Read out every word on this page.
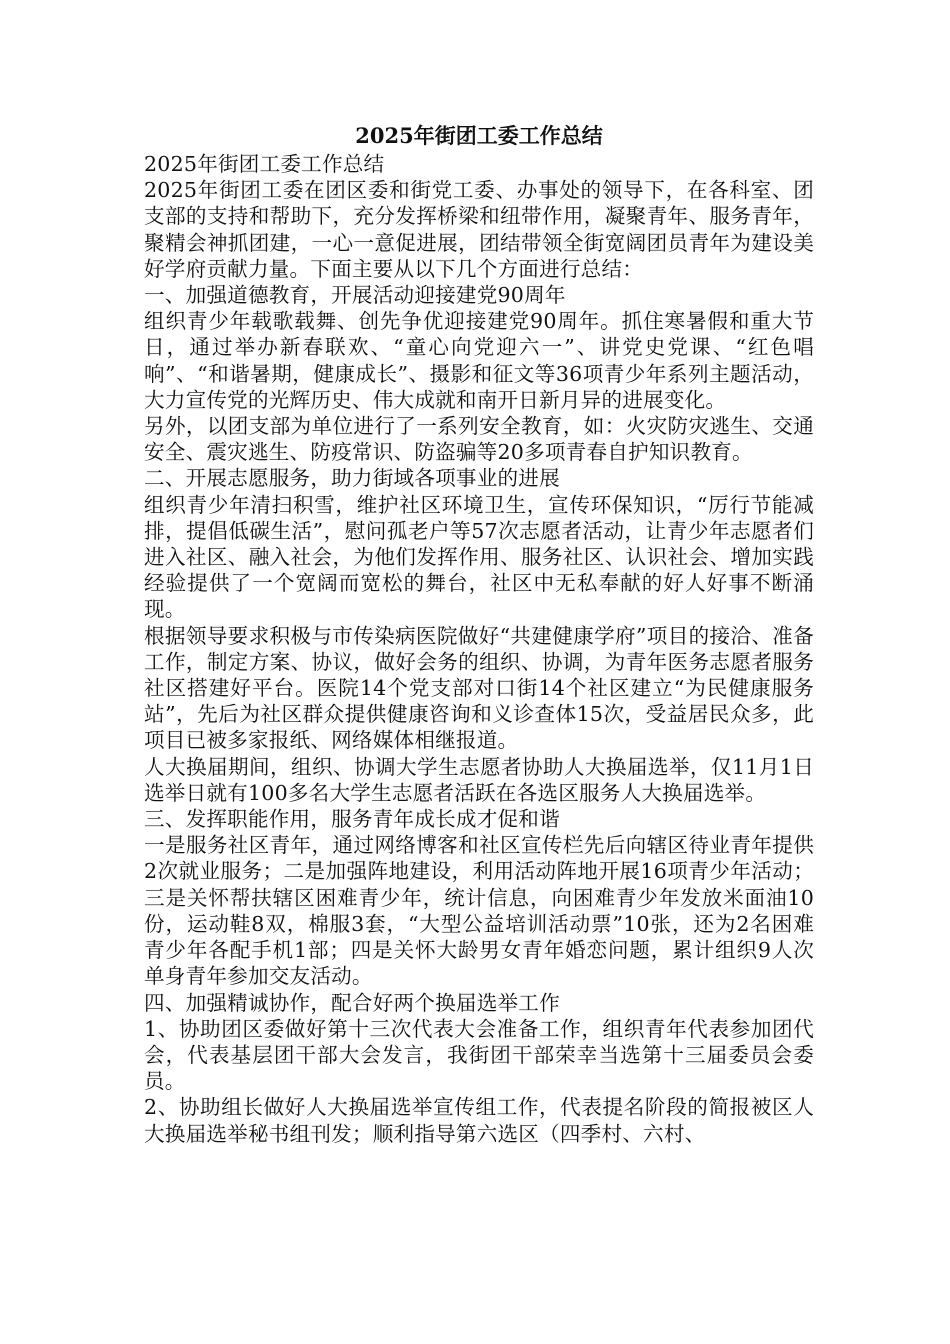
2025年街团工委工作总结

2025年街团工委工作总结

2025年街团工委在团区委和街党工委、办事处的领导下，在各科室、团支部的支持和帮助下，充分发挥桥梁和纽带作用，凝聚青年、服务青年，聚精会神抓团建，一心一意促进展，团结带领全街宽阔团员青年为建设美好学府贡献力量。下面主要从以下几个方面进行总结：

一、加强道德教育，开展活动迎接建党90周年

组织青少年载歌载舞、创先争优迎接建党90周年。抓住寒暑假和重大节日，通过举办新春联欢、“童心向党迎六一”、讲党史党课、“红色唱响”、“和谐暑期，健康成长”、摄影和征文等36项青少年系列主题活动，大力宣传党的光辉历史、伟大成就和南开日新月异的进展变化。

另外，以团支部为单位进行了一系列安全教育，如：火灾防灾逃生、交通安全、震灾逃生、防疫常识、防盗骗等20多项青春自护知识教育。

二、开展志愿服务，助力街域各项事业的进展

组织青少年清扫积雪，维护社区环境卫生，宣传环保知识，“厉行节能减排，提倡低碳生活”，慰问孤老户等57次志愿者活动，让青少年志愿者们进入社区、融入社会，为他们发挥作用、服务社区、认识社会、增加实践经验提供了一个宽阔而宽松的舞台，社区中无私奉献的好人好事不断涌现。

根据领导要求积极与市传染病医院做好“共建健康学府”项目的接洽、准备工作，制定方案、协议，做好会务的组织、协调，为青年医务志愿者服务社区搭建好平台。医院14个党支部对口街14个社区建立“为民健康服务站”，先后为社区群众提供健康咨询和义诊查体15次，受益居民众多，此项目已被多家报纸、网络媒体相继报道。

人大换届期间，组织、协调大学生志愿者协助人大换届选举，仅11月1日选举日就有100多名大学生志愿者活跃在各选区服务人大换届选举。

三、发挥职能作用，服务青年成长成才促和谐

一是服务社区青年，通过网络博客和社区宣传栏先后向辖区待业青年提供2次就业服务；二是加强阵地建设，利用活动阵地开展16项青少年活动；三是关怀帮扶辖区困难青少年，统计信息，向困难青少年发放米面油10份，运动鞋8双，棉服3套，“大型公益培训活动票”10张，还为2名困难青少年各配手机1部；四是关怀大龄男女青年婚恋问题，累计组织9人次单身青年参加交友活动。

四、加强精诚协作，配合好两个换届选举工作

1、协助团区委做好第十三次代表大会准备工作，组织青年代表参加团代会，代表基层团干部大会发言，我街团干部荣幸当选第十三届委员会委员。

2、协助组长做好人大换届选举宣传组工作，代表提名阶段的简报被区人大换届选举秘书组刊发；顺利指导第六选区（四季村、六村、
